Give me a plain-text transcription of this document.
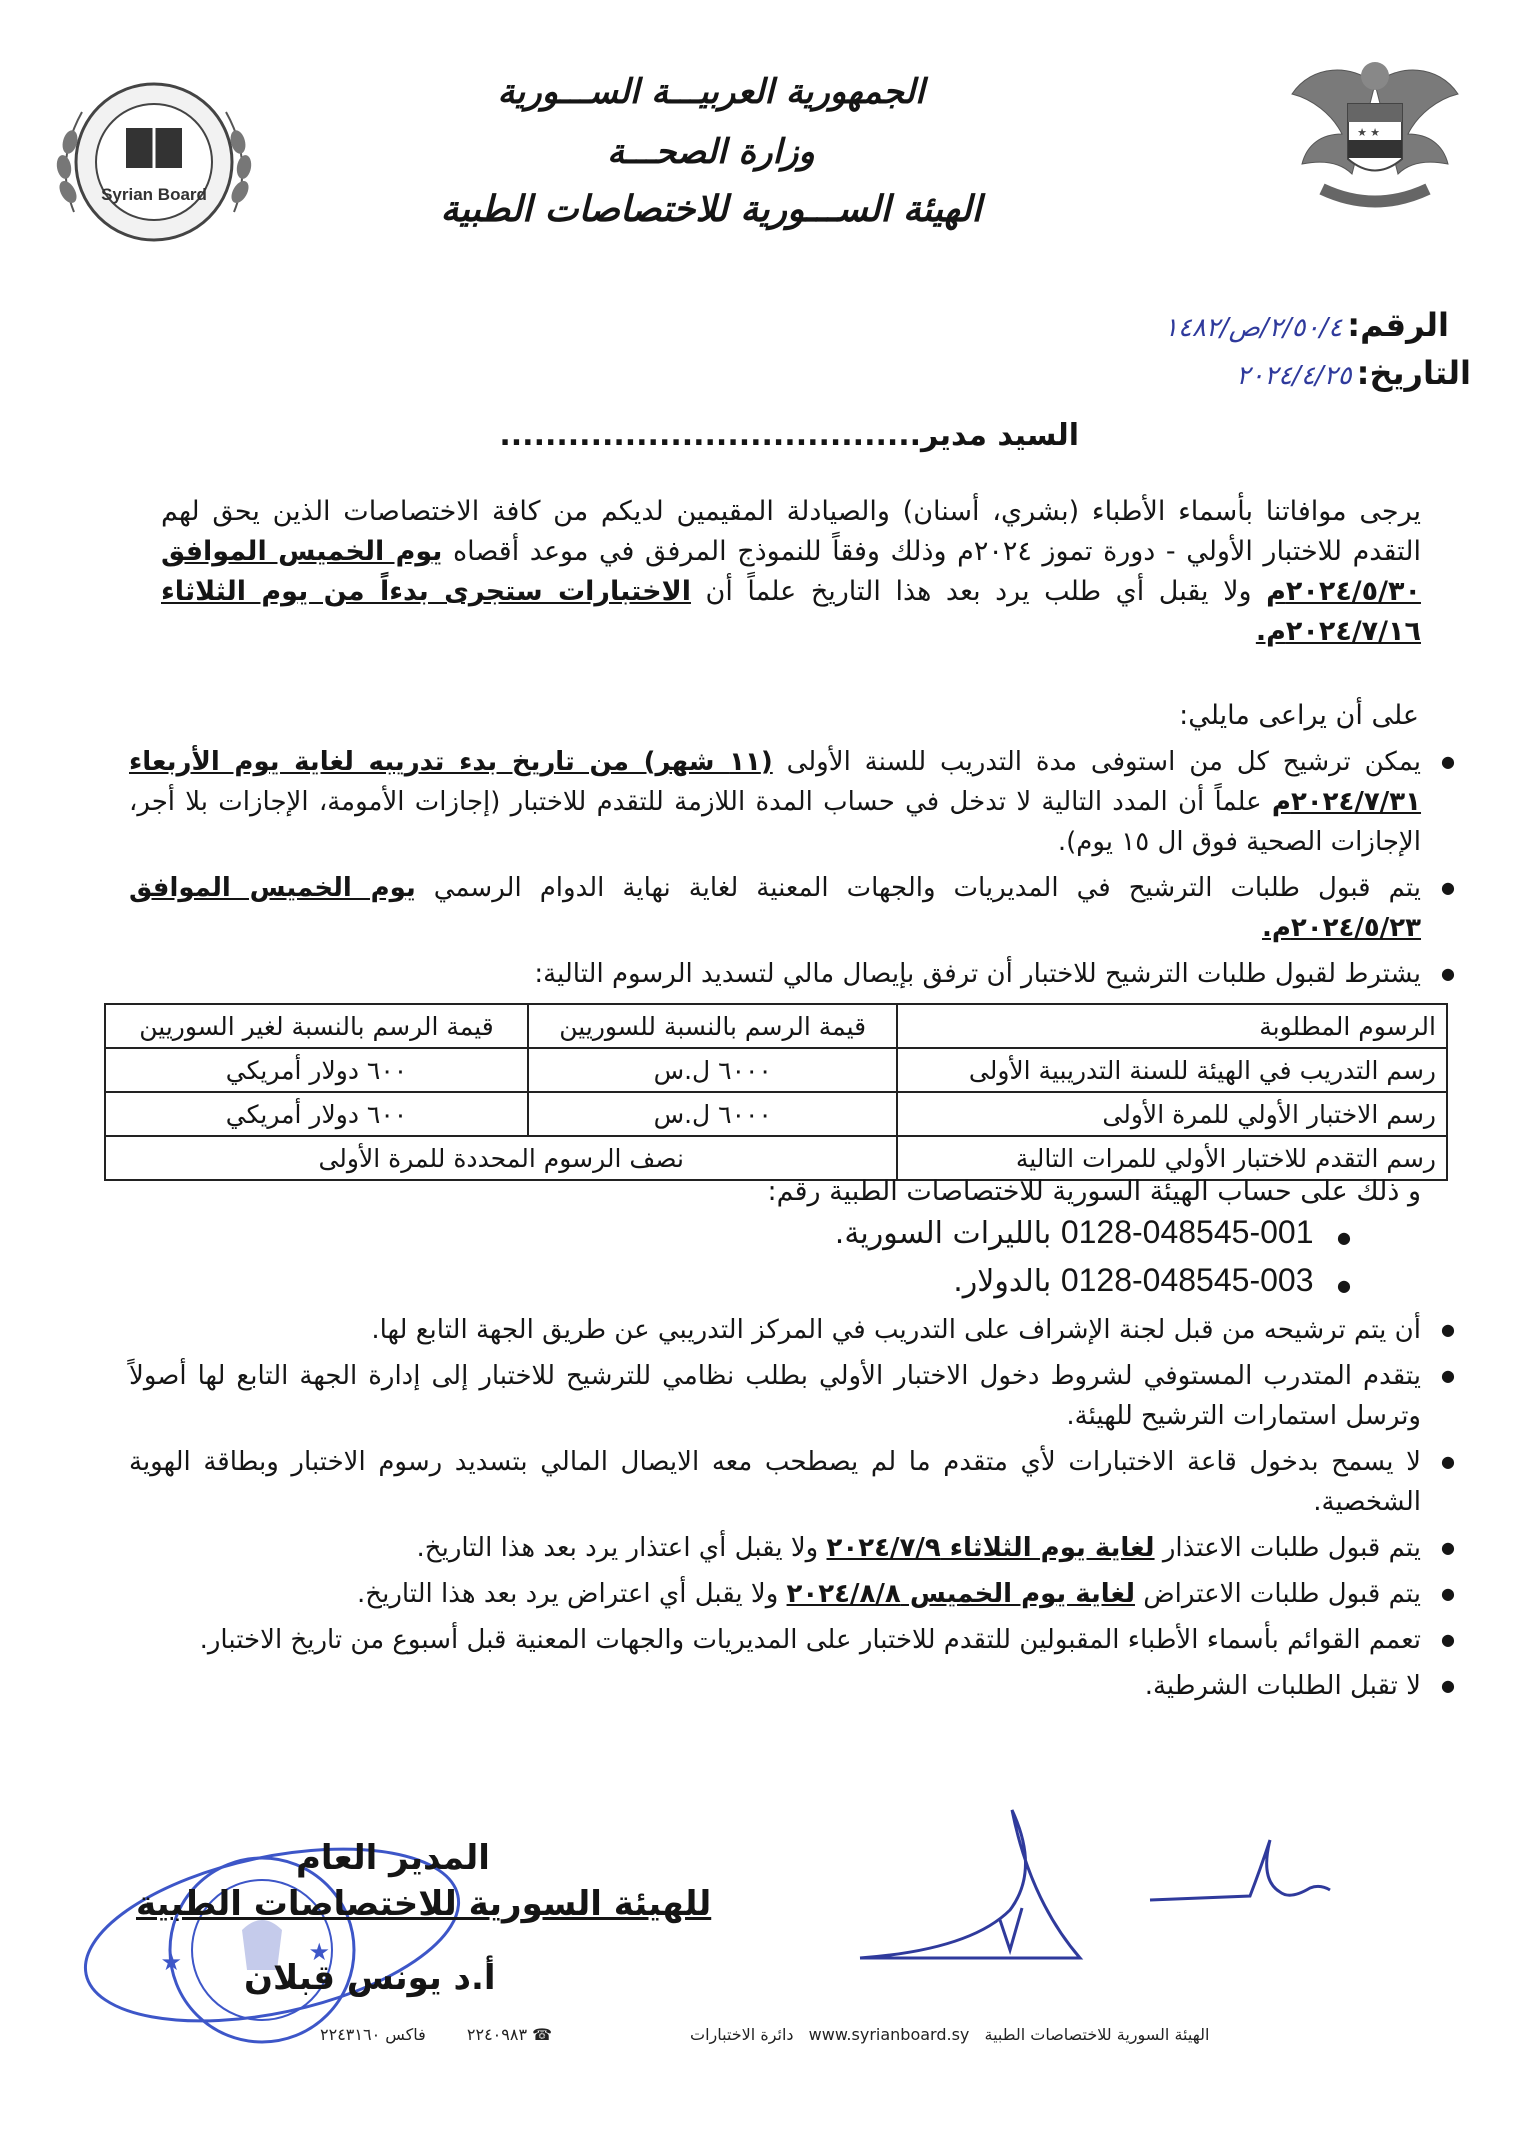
Syrian Board
★ ★
الجمهورية العربيـــة الســـورية
وزارة الصحـــة
الهيئة الســـورية للاختصاصات الطبية
الرقم: ٢/٥٠/٤/ص/١٤٨٢
التاريخ: ٢٠٢٤/٤/٢٥
السيد مدير.....................................
يرجى موافاتنا بأسماء الأطباء (بشري، أسنان) والصيادلة المقيمين لديكم من كافة الاختصاصات الذين يحق لهم التقدم للاختبار الأولي - دورة تموز ٢٠٢٤م وذلك وفقاً للنموذج المرفق في موعد أقصاه يوم الخميس الموافق ٢٠٢٤/٥/٣٠م ولا يقبل أي طلب يرد بعد هذا التاريخ علماً أن الاختبارات ستجرى بدءاً من يوم الثلاثاء ٢٠٢٤/٧/١٦م.
على أن يراعى مايلي:
● يمكن ترشيح كل من استوفى مدة التدريب للسنة الأولى (١١ شهر) من تاريخ بدء تدريبه لغاية يوم الأربعاء ٢٠٢٤/٧/٣١م علماً أن المدد التالية لا تدخل في حساب المدة اللازمة للتقدم للاختبار (إجازات الأمومة، الإجازات بلا أجر، الإجازات الصحية فوق ال ١٥ يوم).
● يتم قبول طلبات الترشيح في المديريات والجهات المعنية لغاية نهاية الدوام الرسمي يوم الخميس الموافق ٢٠٢٤/٥/٢٣م.
● يشترط لقبول طلبات الترشيح للاختبار أن ترفق بإيصال مالي لتسديد الرسوم التالية:
الرسوم المطلوبة	قيمة الرسم بالنسبة للسوريين	قيمة الرسم بالنسبة لغير السوريين
رسم التدريب في الهيئة للسنة التدريبية الأولى	٦٠٠٠ ل.س	٦٠٠ دولار أمريكي
رسم الاختبار الأولي للمرة الأولى	٦٠٠٠ ل.س	٦٠٠ دولار أمريكي
رسم التقدم للاختبار الأولي للمرات التالية	نصف الرسوم المحددة للمرة الأولى	
و ذلك على حساب الهيئة السورية للاختصاصات الطبية رقم:
● 0128-048545-001 بالليرات السورية.
● 0128-048545-003 بالدولار.
● أن يتم ترشيحه من قبل لجنة الإشراف على التدريب في المركز التدريبي عن طريق الجهة التابع لها.
● يتقدم المتدرب المستوفي لشروط دخول الاختبار الأولي بطلب نظامي للترشيح للاختبار إلى إدارة الجهة التابع لها أصولاً وترسل استمارات الترشيح للهيئة.
● لا يسمح بدخول قاعة الاختبارات لأي متقدم ما لم يصطحب معه الايصال المالي بتسديد رسوم الاختبار وبطاقة الهوية الشخصية.
● يتم قبول طلبات الاعتذار لغاية يوم الثلاثاء ٢٠٢٤/٧/٩ ولا يقبل أي اعتذار يرد بعد هذا التاريخ.
● يتم قبول طلبات الاعتراض لغاية يوم الخميس ٢٠٢٤/٨/٨ ولا يقبل أي اعتراض يرد بعد هذا التاريخ.
● تعمم القوائم بأسماء الأطباء المقبولين للتقدم للاختبار على المديريات والجهات المعنية قبل أسبوع من تاريخ الاختبار.
● لا تقبل الطلبات الشرطية.
★	★
المدير العام
للهيئة السورية للاختصاصات الطبية
أ.د يونس قبلان
الهيئة السورية للاختصاصات الطبية www.syrianboard.sy دائرة الاختبارات
☎ ٢٢٤٠٩٨٣ فاكس ٢٢٤٣١٦٠
